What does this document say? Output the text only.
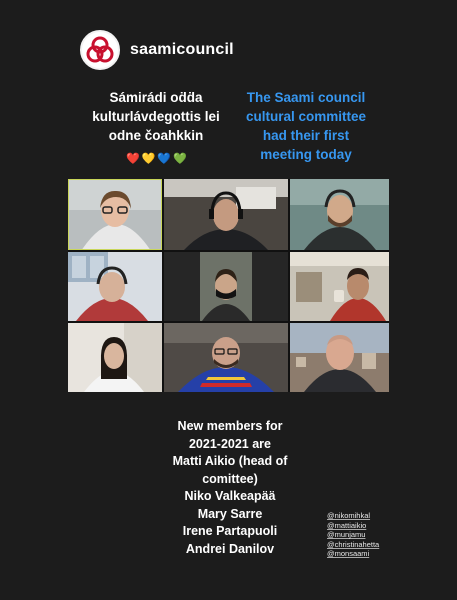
saamicouncil
Sámirádi oḋḋa
kulturlávdegottis lei
odne čoahkkin
❤️ 💛 💙 💚
The Saami council
cultural committee
had their first
meeting today
New members for
2021-2021 are
Matti Aikio (head of
comittee)
Niko Valkeapää
Mary Sarre
Irene Partapuoli
Andrei Danilov
@nikomihkal
@mattiaikio
@munjamu
@christinahetta
@monsaami
